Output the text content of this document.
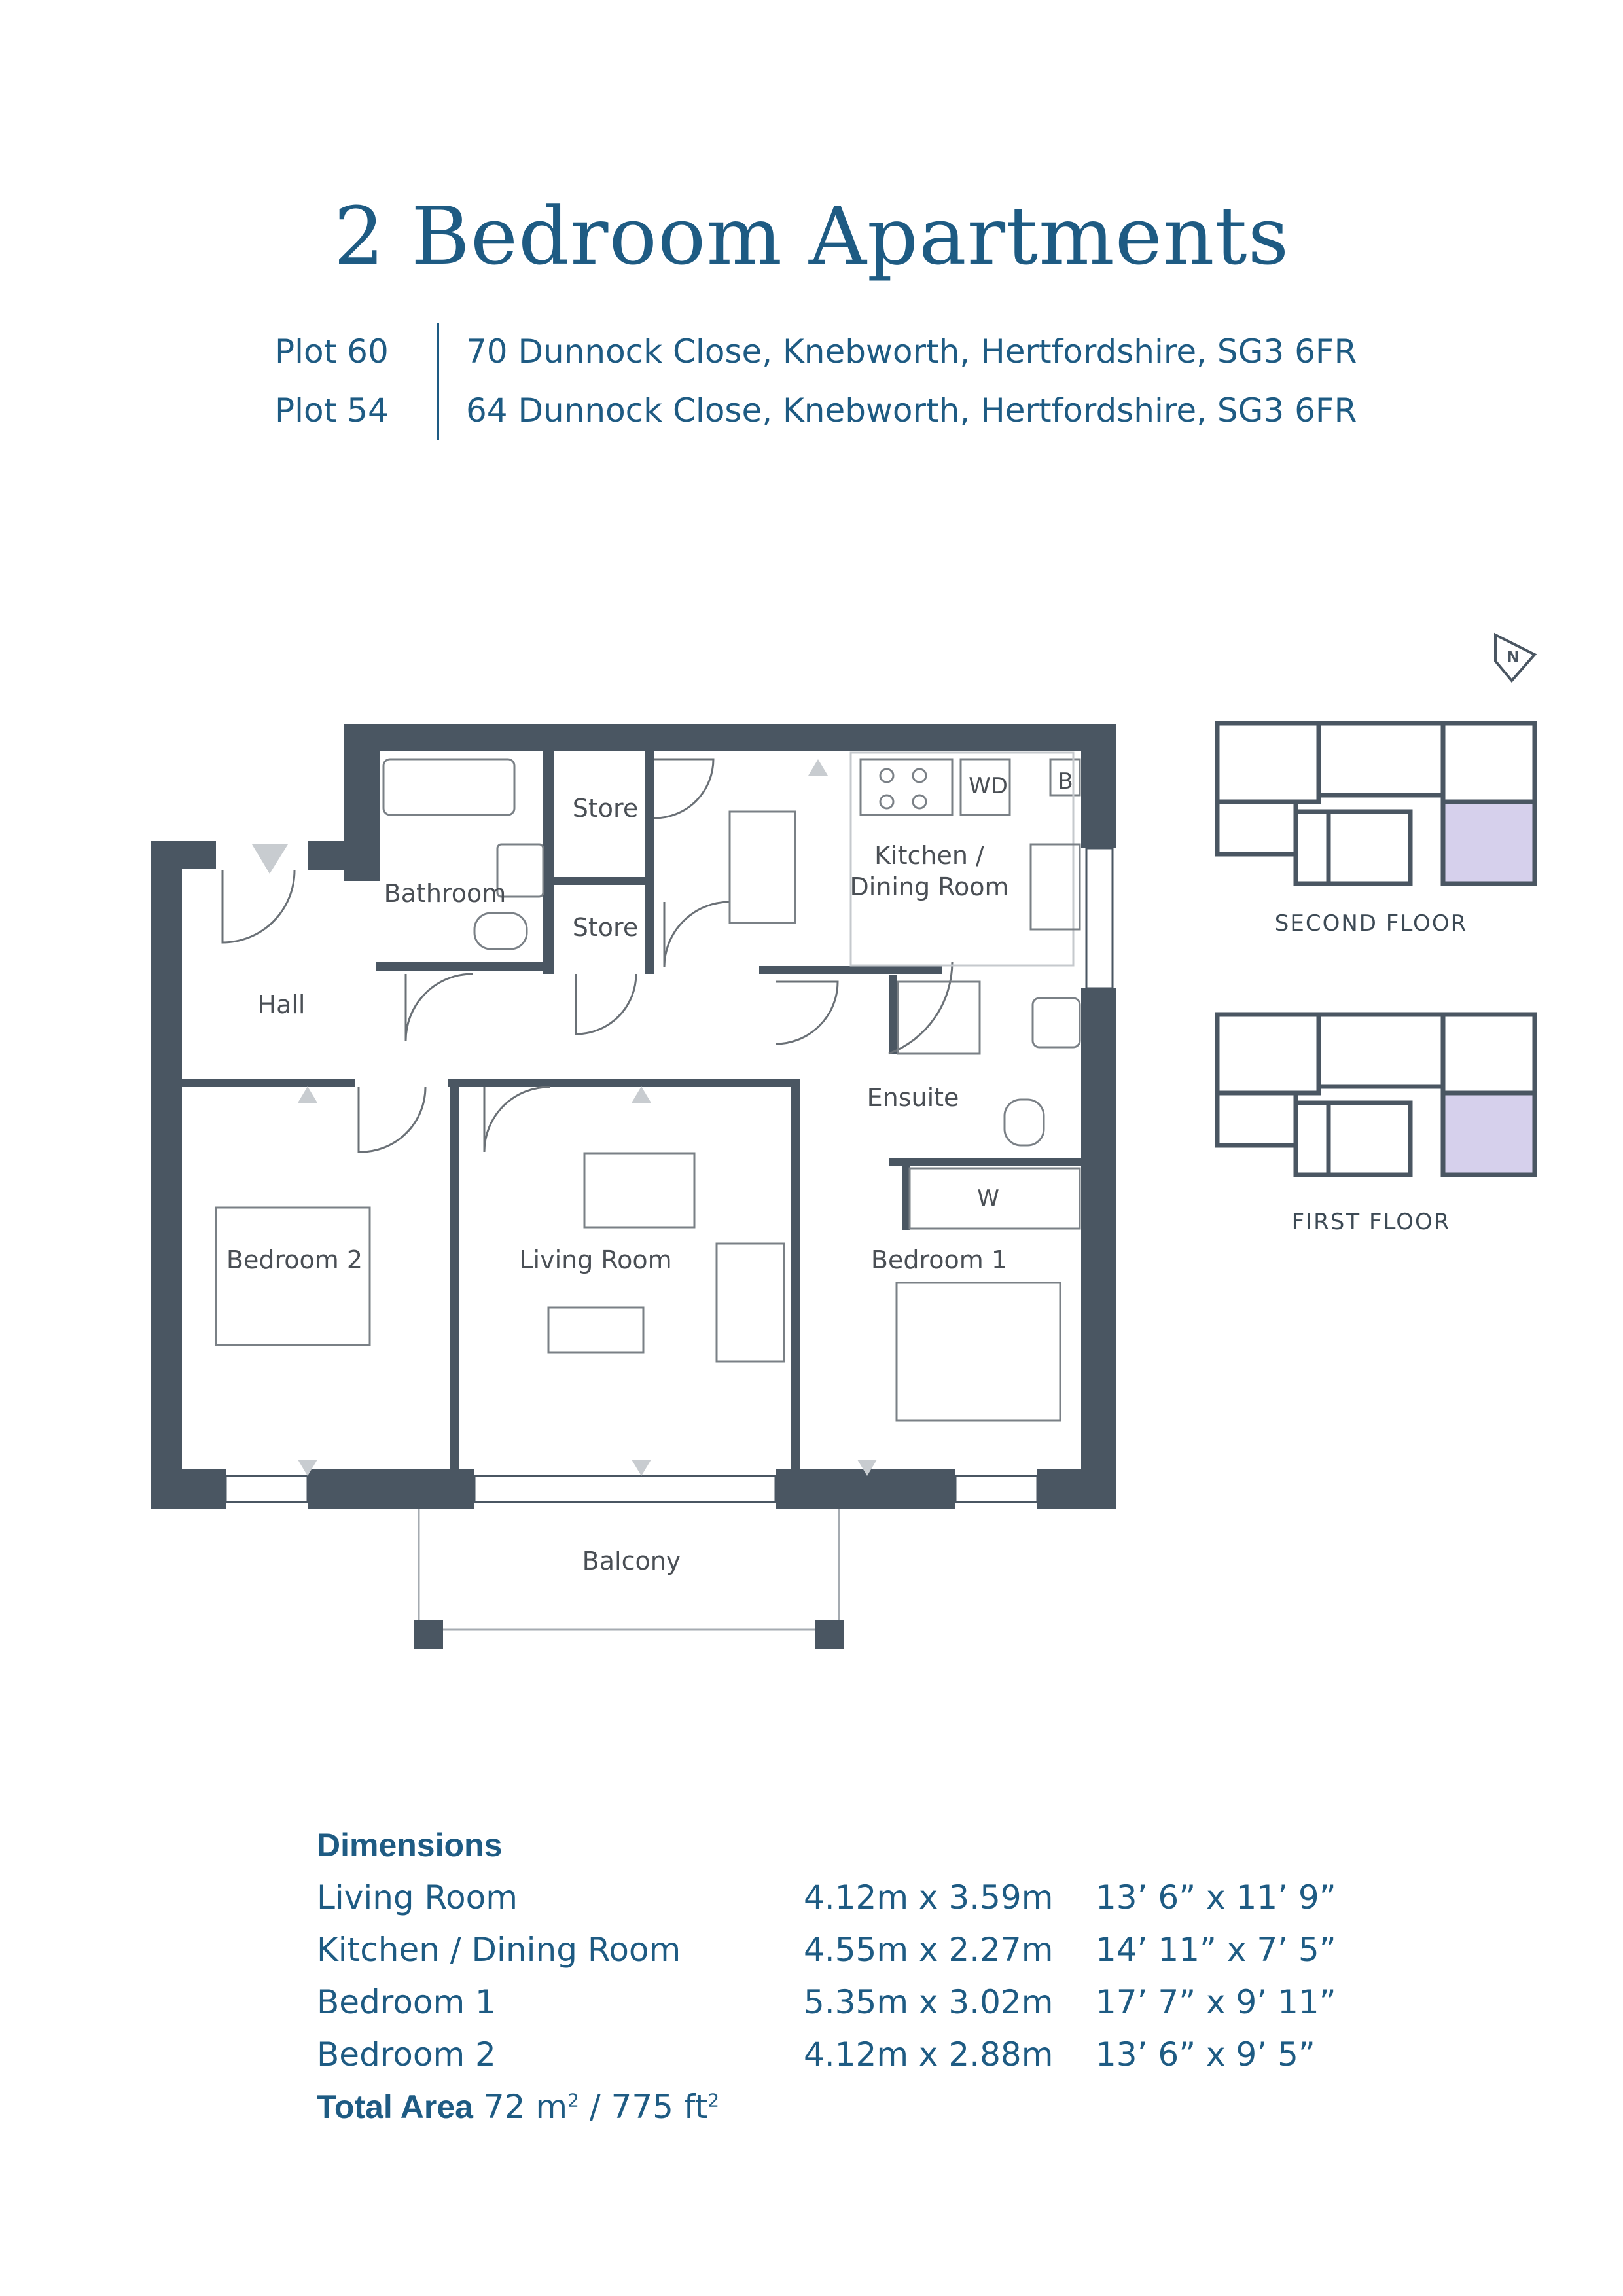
2 Bedroom Apartments
Plot 60	70 Dunnock Close, Knebworth, Hertfordshire, SG3 6FR
Plot 54	64 Dunnock Close, Knebworth, Hertfordshire, SG3 6FR
Store
Store
Bathroom
Kitchen /
Dining Room
Hall
Ensuite
Bedroom 2	Living Room	Bedroom 1
Balcony
WD B
W
N
SECOND FLOOR
FIRST FLOOR
Dimensions
Living Room	4.12m x 3.59m 13’ 6” x 11’ 9”
Kitchen / Dining Room	4.55m x 2.27m 14’ 11” x 7’ 5”
Bedroom 1	5.35m x 3.02m 17’ 7” x 9’ 11”
Bedroom 2	4.12m x 2.88m 13’ 6” x 9’ 5”
Total Area 72 $m^2 / 775$ $ft^2$
